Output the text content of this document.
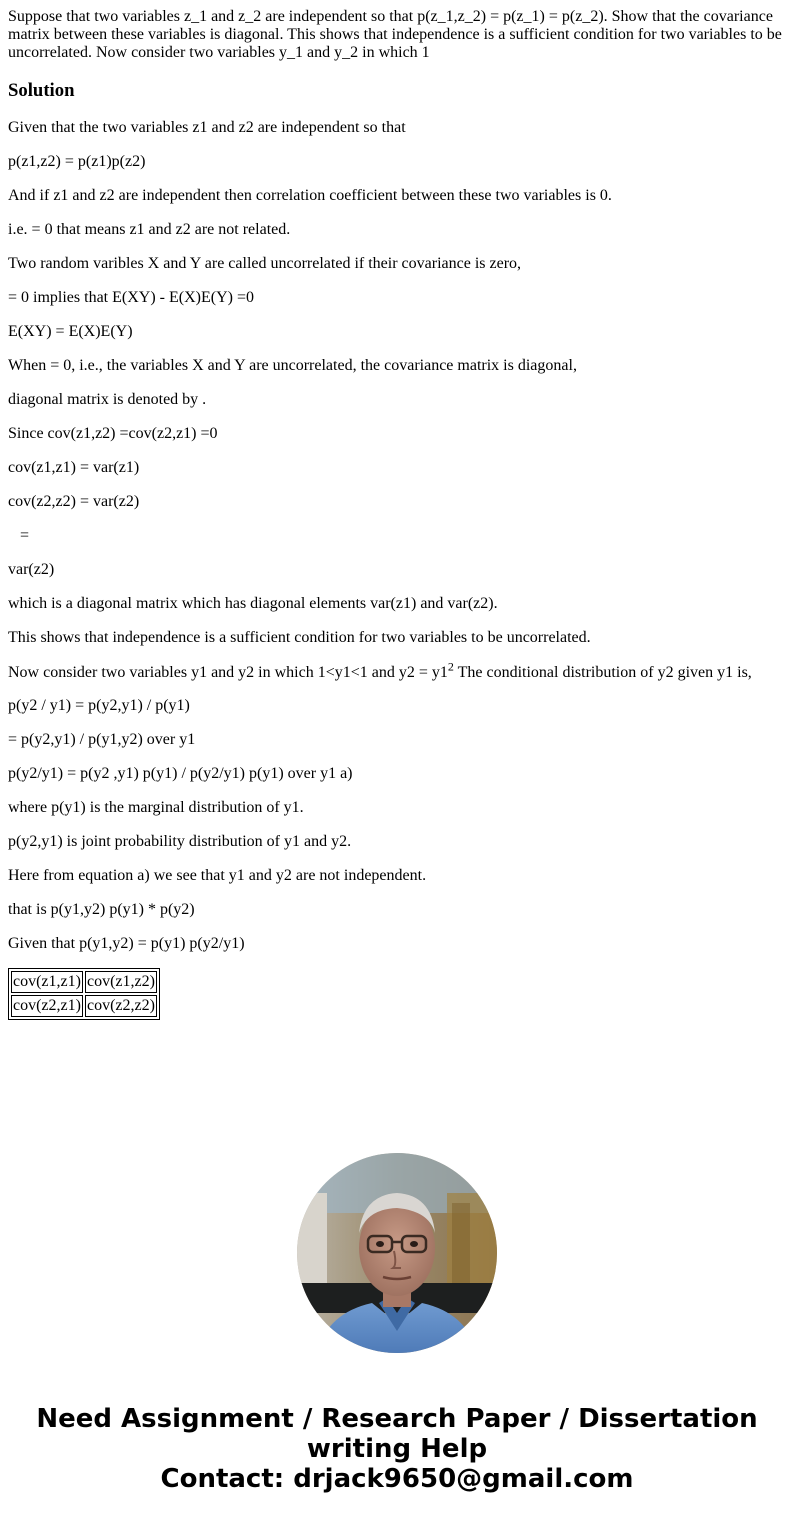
Suppose that two variables z_1 and z_2 are independent so that p(z_1,z_2) = p(z_1) = p(z_2). Show that the covariance matrix between these variables is diagonal. This shows that independence is a sufficient condition for two variables to be uncorrelated. Now consider two variables y_1 and y_2 in which 1
Solution

Given that the two variables z1 and z2 are independent so that

p(z1,z2) = p(z1)p(z2)

And if z1 and z2 are independent then correlation coefficient between these two variables is 0.

i.e. = 0 that means z1 and z2 are not related.

Two random varibles X and Y are called uncorrelated if their covariance is zero,

= 0 implies that E(XY) - E(X)E(Y) =0

E(XY) = E(X)E(Y)

When = 0, i.e., the variables X and Y are uncorrelated, the covariance matrix is diagonal,

diagonal matrix is denoted by .

Since cov(z1,z2) =cov(z2,z1) =0

cov(z1,z1) = var(z1)

cov(z2,z2) = var(z2)

=

var(z2)

which is a diagonal matrix which has diagonal elements var(z1) and var(z2).

This shows that independence is a sufficient condition for two variables to be uncorrelated.

Now consider two variables y1 and y2 in which 1<y1<1 and $y2 = y1^2$ The conditional distribution of y2 given y1 is,

p(y2 / y1) = p(y2,y1) / p(y1)

= p(y2,y1) / p(y1,y2) over y1

p(y2/y1) = p(y2 ,y1) p(y1) / p(y2/y1) p(y1) over y1 a)

where p(y1) is the marginal distribution of y1.

p(y2,y1) is joint probability distribution of y1 and y2.

Here from equation a) we see that y1 and y2 are not independent.

that is p(y1,y2) p(y1) * p(y2)

Given that p(y1,y2) = p(y1) p(y2/y1)

cov(z1,z1)	cov(z1,z2)
cov(z2,z1)	cov(z2,z2)
Need Assignment / Research Paper / Dissertation
writing Help
Contact: drjack9650@gmail.com
